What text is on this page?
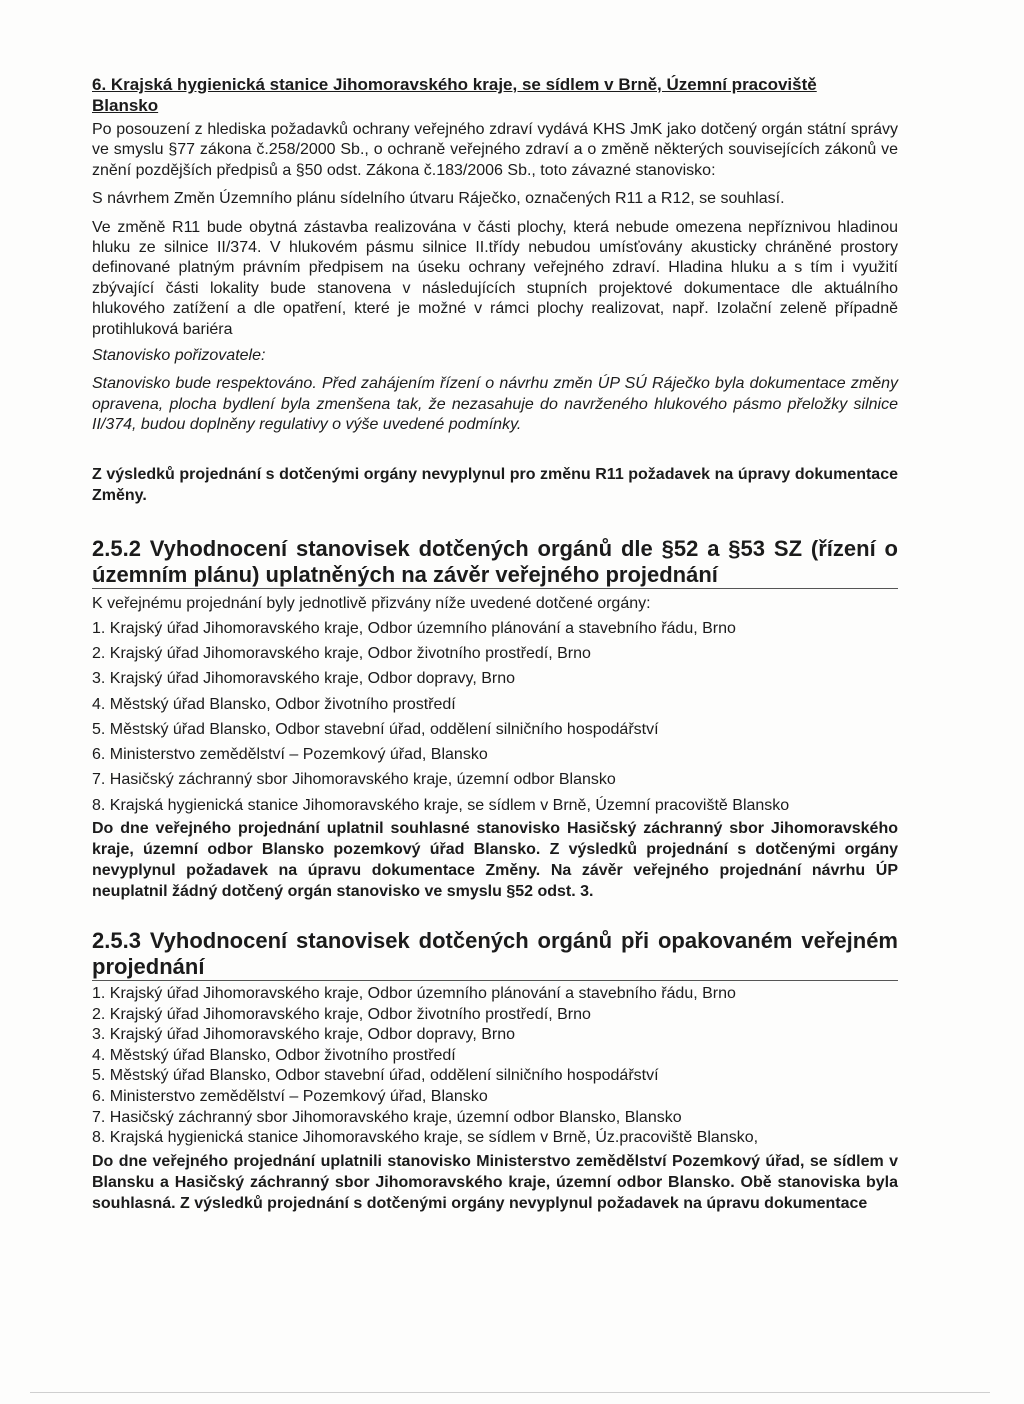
6. Krajská hygienická stanice Jihomoravského kraje, se sídlem v Brně, Územní pracoviště
Blansko

Po posouzení z hlediska požadavků ochrany veřejného zdraví vydává KHS JmK jako dotčený orgán státní správy ve smyslu §77 zákona č.258/2000 Sb., o ochraně veřejného zdraví a o změně některých souvisejících zákonů ve znění pozdějších předpisů a §50 odst. Zákona č.183/2006 Sb., toto závazné stanovisko:

S návrhem Změn Územního plánu sídelního útvaru Ráječko, označených R11 a R12, se souhlasí.

Ve změně R11 bude obytná zástavba realizována v části plochy, která nebude omezena nepříznivou hladinou hluku ze silnice II/374. V hlukovém pásmu silnice II.třídy nebudou umísťovány akusticky chráněné prostory definované platným právním předpisem na úseku ochrany veřejného zdraví. Hladina hluku a s tím i využití zbývající části lokality bude stanovena v následujících stupních projektové dokumentace dle aktuálního hlukového zatížení a dle opatření, které je možné v rámci plochy realizovat, např. Izolační zeleně případně protihluková bariéra

Stanovisko pořizovatele:

Stanovisko bude respektováno. Před zahájením řízení o návrhu změn ÚP SÚ Ráječko byla dokumentace změny opravena, plocha bydlení byla zmenšena tak, že nezasahuje do navrženého hlukového pásmo přeložky silnice II/374, budou doplněny regulativy o výše uvedené podmínky.

Z výsledků projednání s dotčenými orgány nevyplynul pro změnu R11 požadavek na úpravy dokumentace Změny.

2.5.2 Vyhodnocení stanovisek dotčených orgánů dle §52 a §53 SZ (řízení o územním plánu) uplatněných na závěr veřejného projednání

K veřejnému projednání byly jednotlivě přizvány níže uvedené dotčené orgány:

1. Krajský úřad Jihomoravského kraje, Odbor územního plánování a stavebního řádu, Brno
2. Krajský úřad Jihomoravského kraje, Odbor životního prostředí, Brno
3. Krajský úřad Jihomoravského kraje, Odbor dopravy, Brno
4. Městský úřad Blansko, Odbor životního prostředí
5. Městský úřad Blansko, Odbor stavební úřad, oddělení silničního hospodářství
6. Ministerstvo zemědělství – Pozemkový úřad, Blansko
7. Hasičský záchranný sbor Jihomoravského kraje, územní odbor Blansko
8. Krajská hygienická stanice Jihomoravského kraje, se sídlem v Brně, Územní pracoviště Blansko

Do dne veřejného projednání uplatnil souhlasné stanovisko Hasičský záchranný sbor Jihomoravského kraje, územní odbor Blansko pozemkový úřad Blansko. Z výsledků projednání s dotčenými orgány nevyplynul požadavek na úpravu dokumentace Změny. Na závěr veřejného projednání návrhu ÚP neuplatnil žádný dotčený orgán stanovisko ve smyslu §52 odst. 3.

2.5.3 Vyhodnocení stanovisek dotčených orgánů při opakovaném veřejném projednání
1. Krajský úřad Jihomoravského kraje, Odbor územního plánování a stavebního řádu, Brno
2. Krajský úřad Jihomoravského kraje, Odbor životního prostředí, Brno
3. Krajský úřad Jihomoravského kraje, Odbor dopravy, Brno
4. Městský úřad Blansko, Odbor životního prostředí
5. Městský úřad Blansko, Odbor stavební úřad, oddělení silničního hospodářství
6. Ministerstvo zemědělství – Pozemkový úřad, Blansko
7. Hasičský záchranný sbor Jihomoravského kraje, územní odbor Blansko, Blansko
8. Krajská hygienická stanice Jihomoravského kraje, se sídlem v Brně, Úz.pracoviště Blansko,

Do dne veřejného projednání uplatnili stanovisko Ministerstvo zemědělství Pozemkový úřad, se sídlem v Blansku a Hasičský záchranný sbor Jihomoravského kraje, územní odbor Blansko. Obě stanoviska byla souhlasná. Z výsledků projednání s dotčenými orgány nevyplynul požadavek na úpravu dokumentace
